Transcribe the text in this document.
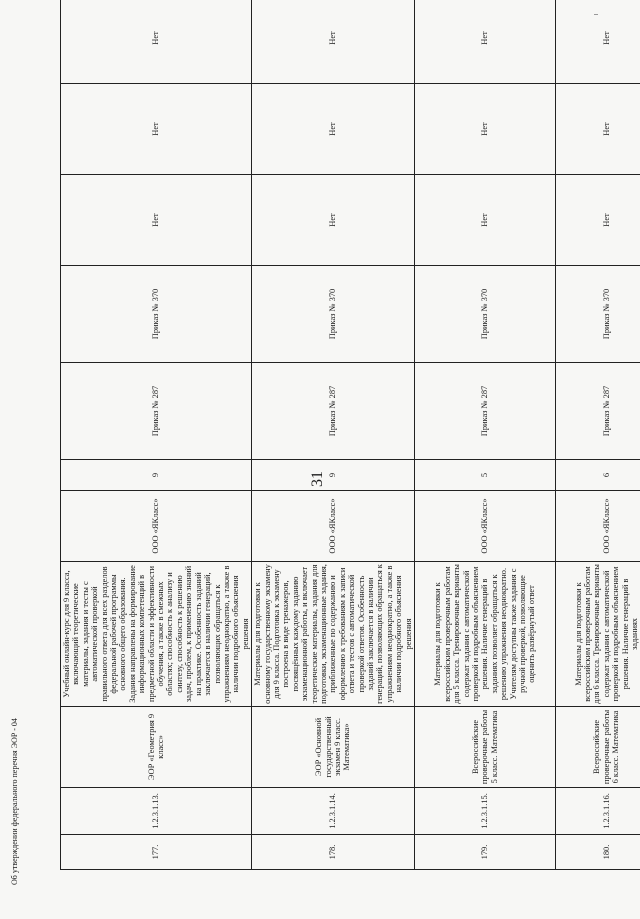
31
177.	1.2.3.1.13.	ЭОР «Геометрия 9 класс»	Учебный онлайн-курс для 9 класса, включающий теоретические материалы, задания и тесты с автоматической проверкой правильного ответа для всех разделов федеральной рабочей программы основного общего образования. Задания направлены на формирование информационных компетенций в предметной области и эффективности обучения, а также в смежных областях; способность к анализу и синтезу, способность к решению задач, проблем, к применению знаний на практике. Особенность заданий заключается в наличии генераций, позволяющих обращаться к упражнениям неоднократно, а также в наличии подробного объяснения решения	ООО «ЯКласс»	9	Приказ № 287	Приказ № 370	Нет	Нет	Нет	
178.	1.2.3.1.14.	ЭОР «Основной государственный экзамен 9 класс. Математика»	Материалы для подготовки к основному государственному экзамену для 9 класса. Подготовка к экзамену построена в виде тренажеров, посвящённых каждому заданию экзаменационной работы, и включает теоретические материалы, задания для подготовки, экзаменационные задания, приближенные по содержанию и оформлению к требованиям к записи ответа и тестов с автоматической проверкой ответов. Особенность заданий заключается в наличии генераций, позволяющих обращаться к упражнениям неоднократно, а также в наличии подробного объяснения решения	ООО «ЯКласс»	9	Приказ № 287	Приказ № 370	Нет	Нет	Нет	
179.	1.2.3.1.15.	Всероссийские проверочные работы 5 класс. Математика	Материалы для подготовки к всероссийским проверочным работам для 5 класса. Тренировочные варианты содержат задания с автоматической проверкой и подробным объяснением решения. Наличие генераций в заданиях позволяет обращаться к решению упражнения неоднократно. Учителям доступны также задания с ручной проверкой, позволяющие оценить развёрнутый ответ	ООО «ЯКласс»	5	Приказ № 287	Приказ № 370	Нет	Нет	Нет	
180.	1.2.3.1.16.	Всероссийские проверочные работы 6 класс. Математика	Материалы для подготовки к всероссийским проверочным работам для 6 класса. Тренировочные варианты содержат задания с автоматической проверкой и подробным объяснением решения. Наличие генераций в заданиях	ООО «ЯКласс»	6	Приказ № 287	Приказ № 370	Нет	Нет	Нет	
Об утверждении федерального перечня ЭОР - 04
